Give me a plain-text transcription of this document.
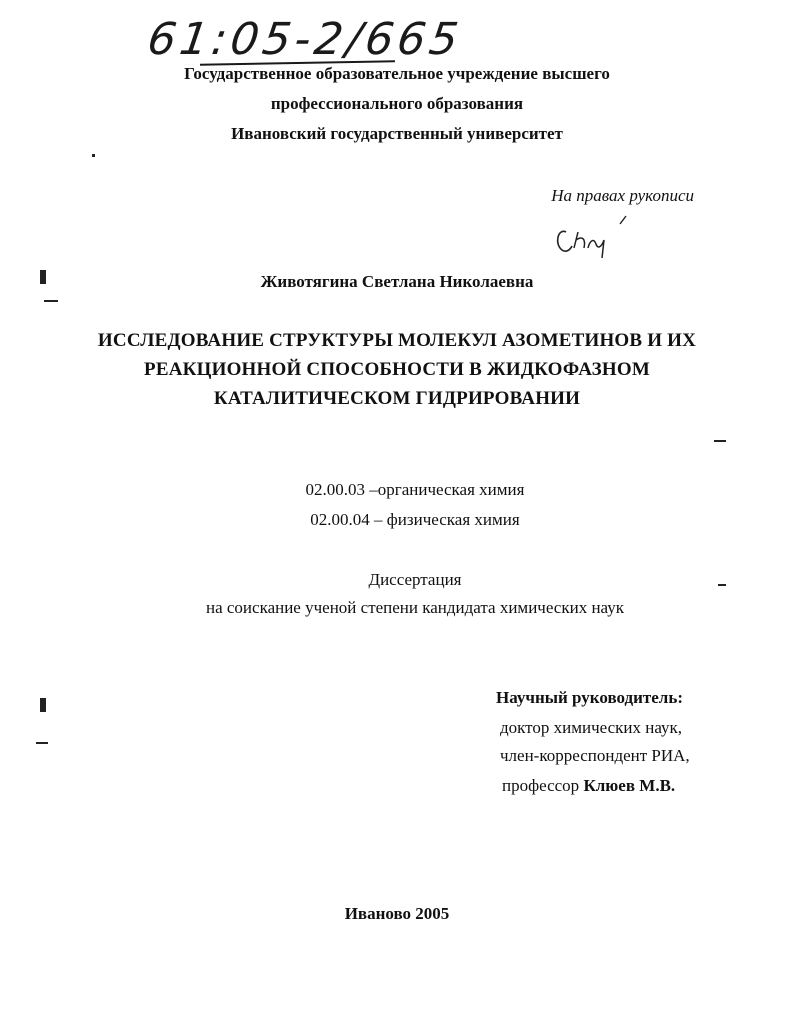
61:05-2/665
Государственное образовательное учреждение высшего
профессионального образования
Ивановский государственный университет
На правах рукописи
Животягина Светлана Николаевна
ИССЛЕДОВАНИЕ СТРУКТУРЫ МОЛЕКУЛ АЗОМЕТИНОВ И ИХ
РЕАКЦИОННОЙ СПОСОБНОСТИ В ЖИДКОФАЗНОМ
КАТАЛИТИЧЕСКОМ ГИДРИРОВАНИИ
02.00.03 –органическая химия
02.00.04 – физическая химия
Диссертация
на соискание ученой степени кандидата химических наук
Научный руководитель:
доктор химических наук,
член-корреспондент РИА,
профессор Клюев М.В.
Иваново 2005
